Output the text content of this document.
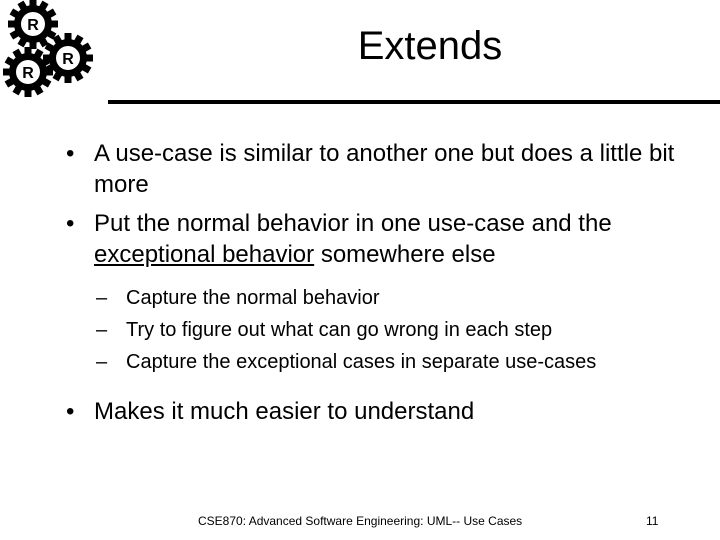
R
R
R	Extends

• A use-case is similar to another one but does a little bit more

• Put the normal behavior in one use-case and the exceptional behavior somewhere else

– Capture the normal behavior

– Try to figure out what can go wrong in each step

– Capture the exceptional cases in separate use-cases

• Makes it much easier to understand

CSE870: Advanced Software Engineering: UML-- Use Cases	11
